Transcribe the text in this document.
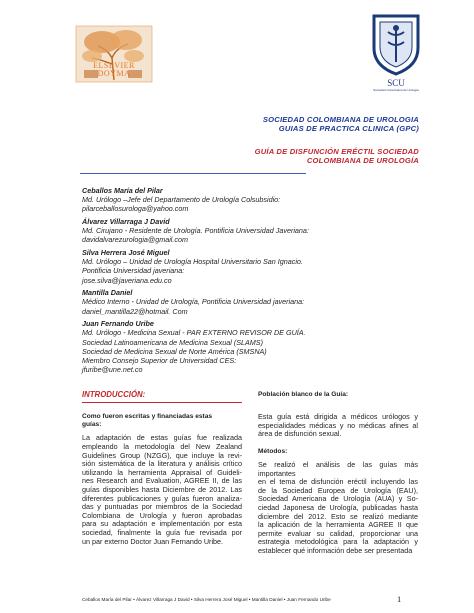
ELSEVIER
DOYMA
SCU
Sociedad Colombiana de Urología
SOCIEDAD COLOMBIANA DE UROLOGIA
GUIAS DE PRACTICA CLINICA (GPC)
GUÍA DE DISFUNCIÓN ERÉCTIL SOCIEDAD
COLOMBIANA DE UROLOGÍA
Ceballos María del Pilar
Md. Urólogo –Jefe del Departamento de Urología Colsubsidio:
pilarceballosurologa@yahoo.com
Álvarez Villarraga J David
Md. Cirujano - Residente de Urología. Pontificia Universidad Javeriana:
davidalvarezurologia@gmail.com
Silva Herrera José Miguel
Md. Urólogo – Unidad de Urología Hospital Universitario San Ignacio.
Pontificia Universidad javeriana:
jose.silva@javeriana.edu.co
Mantilla Daniel
Médico Interno - Unidad de Urología, Pontificia Universidad javeriana:
daniel_mantilla22@hotmail. Com
Juan Fernando Uribe
Md. Urólogo - Medicina Sexual - PAR EXTERNO REVISOR DE GUÍA.
Sociedad Latinoamericana de Medicina Sexual (SLAMS)
Sociedad de Medicina Sexual de Norte América (SMSNA)
Miembro Consejo Superior de Universidad CES:
jfuribe@une.net.co
INTRODUCCIÓN:
Como fueron escritas y financiadas estas
guías:
La adaptación de estas guías fue realizada
empleando la metodología del New Zealand
Guidelines Group (NZGG), que incluye la revi-
sión sistemática de la literatura y análisis crítico
utilizando la herramienta Appraisal of Guideli-
nes Research and Evaluation, AGREE II, de las
guías disponibles hasta Diciembre de 2012. Las
diferentes publicaciones y guías fueron analiza-
das y puntuadas por miembros de la Sociedad
Colombiana de Urología y fueron aprobadas
para su adaptación e implementación por esta
sociedad, finalmente la guía fue revisada por
un par externo Doctor Juan Fernando Uribe.
Población blanco de la Guía:
Esta guía está dirigida a médicos urólogos y
especialidades médicas y no médicas afines al
área de disfunción sexual.
Métodos:
Se realizó el análisis de las guías más importantes
en el tema de disfunción eréctil incluyendo las
de la Sociedad Europea de Urología (EAU),
Sociedad Americana de Urología (AUA) y So-
ciedad Japonesa de Urología, publicadas hasta
diciembre del 2012. Esto se realizó mediante
la aplicación de la herramienta AGREE II que
permite evaluar su calidad, proporcionar una
estrategia metodológica para la adaptación y
establecer qué información debe ser presentada
Ceballos María del Pilar • Álvarez Villarraga J David • Silva Herrera José Miguel • Mantilla Daniel • Juan Fernando Uribe	1
